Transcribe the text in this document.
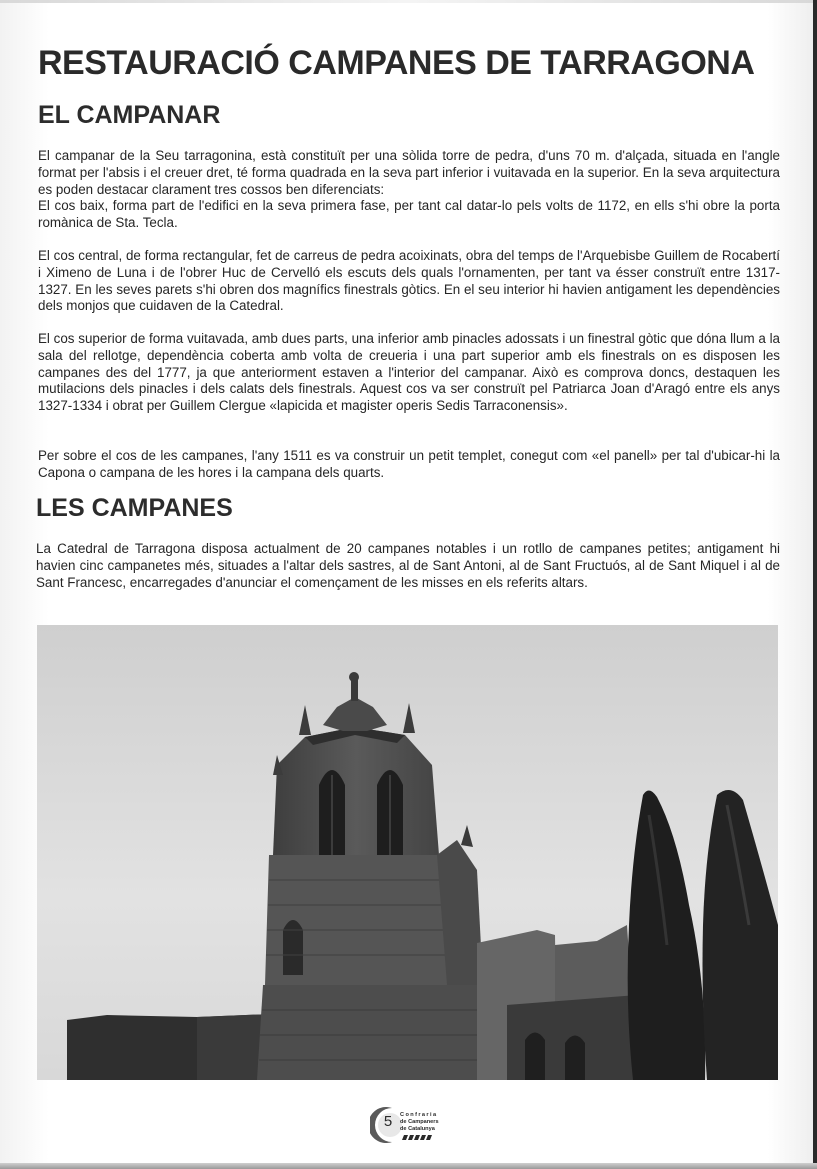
RESTAURACIÓ CAMPANES DE TARRAGONA
EL CAMPANAR

El campanar de la Seu tarragonina, està constituït per una sòlida torre de pedra, d'uns 70 m. d'alçada, situada en l'angle format per l'absis i el creuer dret, té forma quadrada en la seva part inferior i vuitavada en la superior. En la seva arquitectura es poden destacar clarament tres cossos ben diferenciats:

El cos baix, forma part de l'edifici en la seva primera fase, per tant cal datar-lo pels volts de 1172, en ells s'hi obre la porta romànica de Sta. Tecla.

El cos central, de forma rectangular, fet de carreus de pedra acoixinats, obra del temps de l'Arquebisbe Guillem de Rocabertí i Ximeno de Luna i de l'obrer Huc de Cervelló els escuts dels quals l'ornamenten, per tant va ésser construït entre 1317-1327. En les seves parets s'hi obren dos magnífics finestrals gòtics. En el seu interior hi havien antigament les dependències dels monjos que cuidaven de la Catedral.

El cos superior de forma vuitavada, amb dues parts, una inferior amb pinacles adossats i un finestral gòtic que dóna llum a la sala del rellotge, dependència coberta amb volta de creueria i una part superior amb els finestrals on es disposen les campanes des del 1777, ja que anteriorment estaven a l'interior del campanar. Això es comprova doncs, destaquen les mutilacions dels pinacles i dels calats dels finestrals. Aquest cos va ser construït pel Patriarca Joan d'Aragó entre els anys 1327-1334 i obrat per Guillem Clergue «lapicida et magister operis Sedis Tarraconensis».

Per sobre el cos de les campanes, l'any 1511 es va construir un petit templet, conegut com «el panell» per tal d'ubicar-hi la Capona o campana de les hores i la campana dels quarts.

LES CAMPANES

La Catedral de Tarragona disposa actualment de 20 campanes notables i un rotllo de campanes petites; antigament hi havien cinc campanetes més, situades a l'altar dels sastres, al de Sant Antoni, al de Sant Fructuós, al de Sant Miquel i al de Sant Francesc, encarregades d'anunciar el començament de les misses en els referits altars.

5	Confraria
de Campaners
de Catalunya
